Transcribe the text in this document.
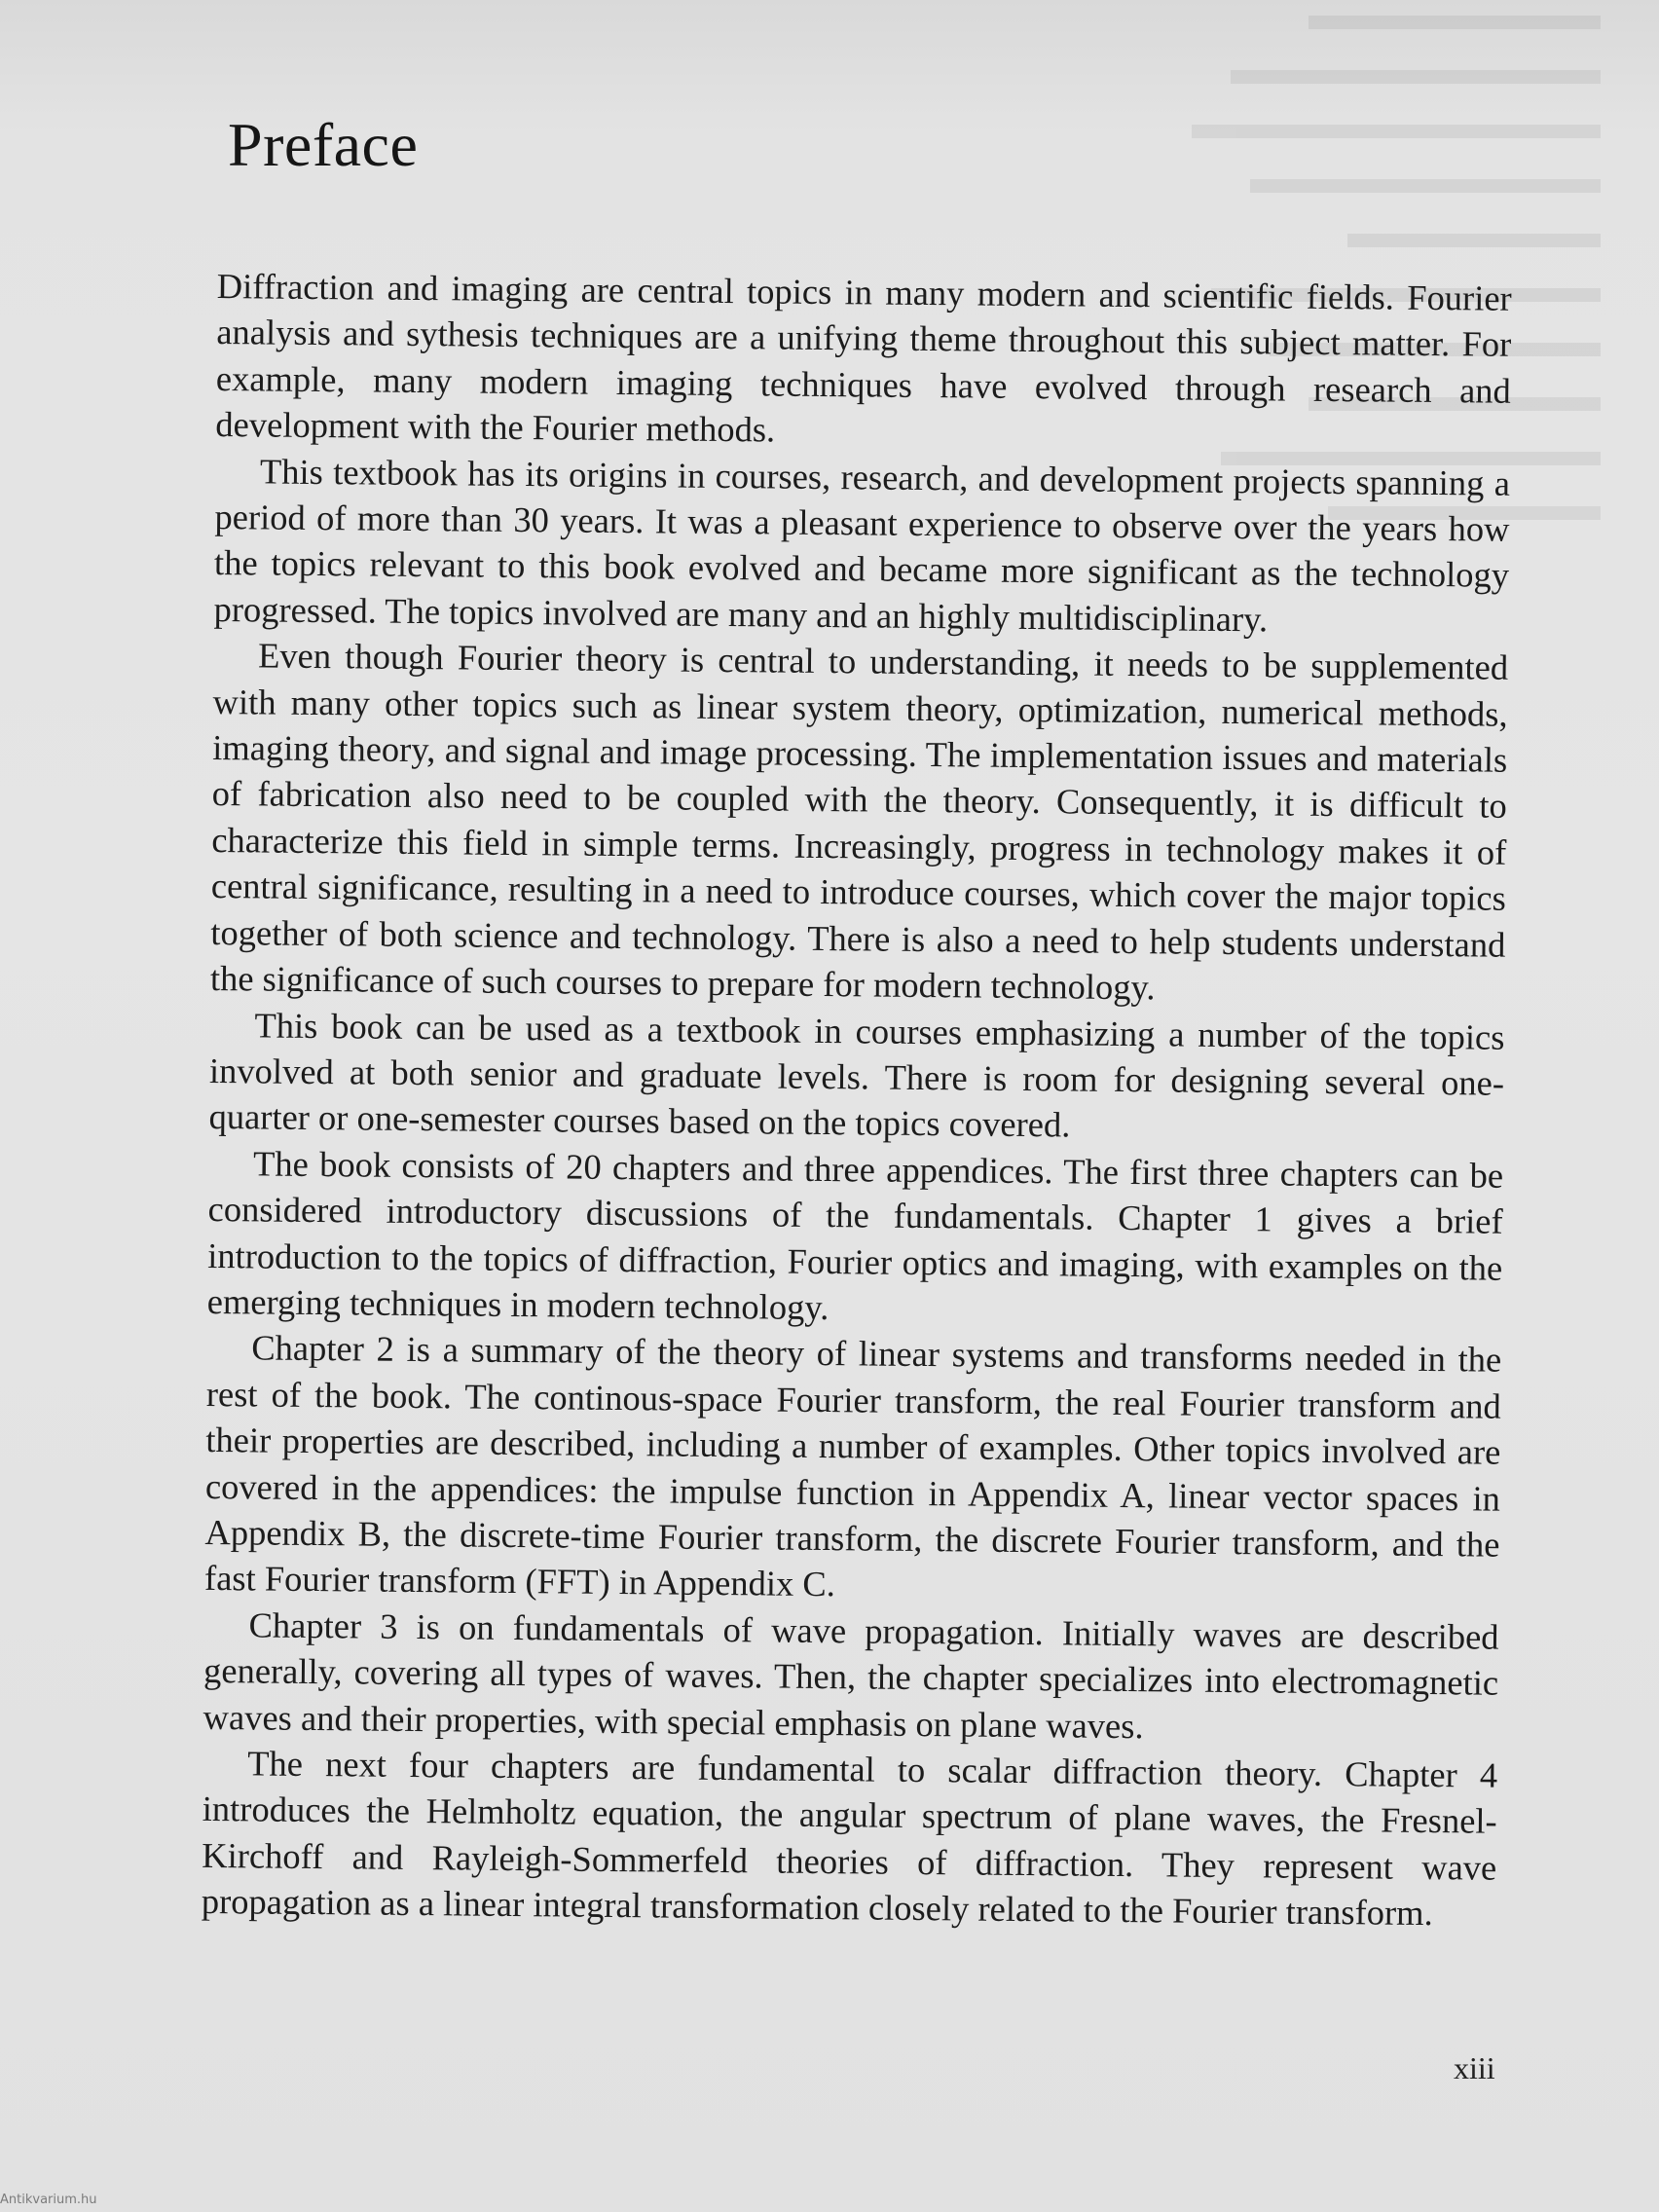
Preface

Diffraction and imaging are central topics in many modern and scientific fields. Fourier analysis and sythesis techniques are a unifying theme throughout this subject matter. For example, many modern imaging techniques have evolved through research and development with the Fourier methods.

This textbook has its origins in courses, research, and development projects spanning a period of more than 30 years. It was a pleasant experience to observe over the years how the topics relevant to this book evolved and became more significant as the technology progressed. The topics involved are many and an highly multidisciplinary.

Even though Fourier theory is central to understanding, it needs to be supplemented with many other topics such as linear system theory, optimization, numerical methods, imaging theory, and signal and image processing. The implementation issues and materials of fabrication also need to be coupled with the theory. Consequently, it is difficult to characterize this field in simple terms. Increasingly, progress in technology makes it of central significance, resulting in a need to introduce courses, which cover the major topics together of both science and technology. There is also a need to help students understand the significance of such courses to prepare for modern technology.

This book can be used as a textbook in courses emphasizing a number of the topics involved at both senior and graduate levels. There is room for designing several one-quarter or one-semester courses based on the topics covered.

The book consists of 20 chapters and three appendices. The first three chapters can be considered introductory discussions of the fundamentals. Chapter 1 gives a brief introduction to the topics of diffraction, Fourier optics and imaging, with examples on the emerging techniques in modern technology.

Chapter 2 is a summary of the theory of linear systems and transforms needed in the rest of the book. The continous-space Fourier transform, the real Fourier transform and their properties are described, including a number of examples. Other topics involved are covered in the appendices: the impulse function in Appendix A, linear vector spaces in Appendix B, the discrete-time Fourier transform, the discrete Fourier transform, and the fast Fourier transform (FFT) in Appendix C.

Chapter 3 is on fundamentals of wave propagation. Initially waves are described generally, covering all types of waves. Then, the chapter specializes into electromagnetic waves and their properties, with special emphasis on plane waves.

The next four chapters are fundamental to scalar diffraction theory. Chapter 4 introduces the Helmholtz equation, the angular spectrum of plane waves, the Fresnel-Kirchoff and Rayleigh-Sommerfeld theories of diffraction. They represent wave propagation as a linear integral transformation closely related to the Fourier transform.

xiii
Antikvarium.hu
